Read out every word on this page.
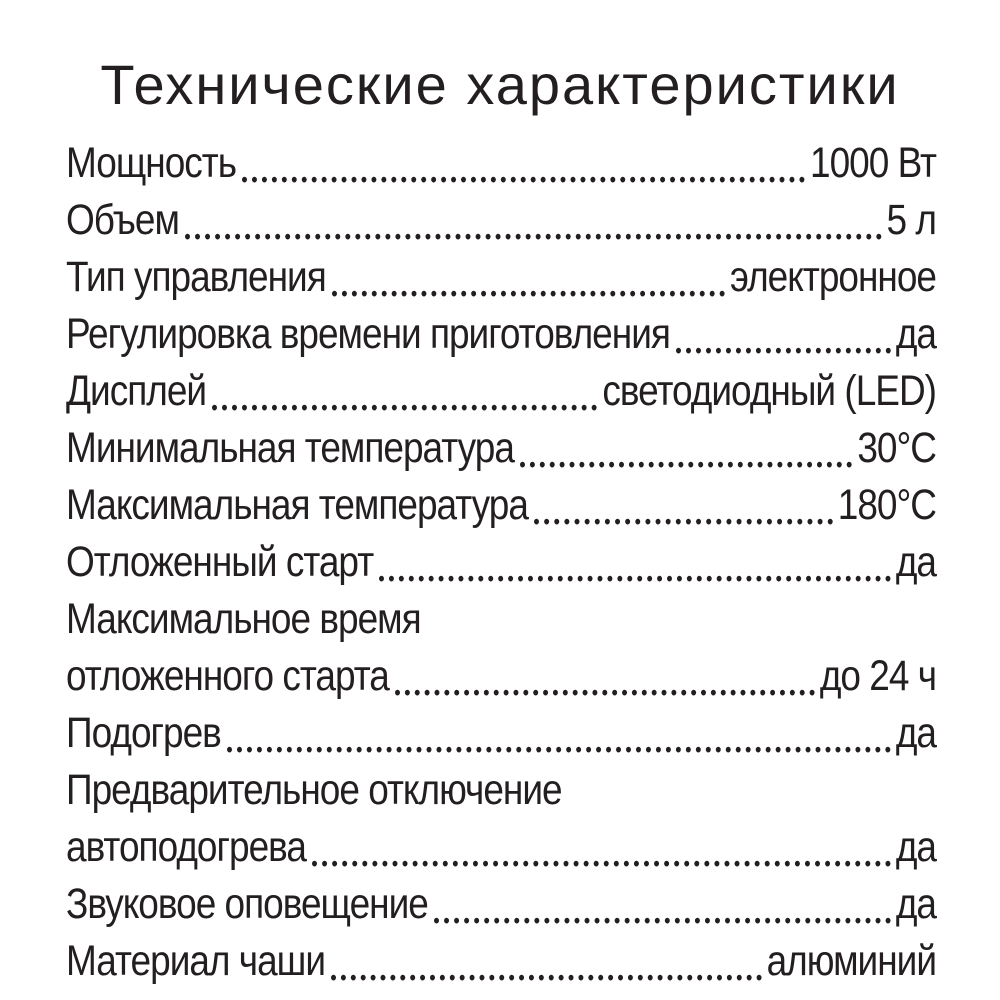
Технические характеристики
Мощность	1000 Вт
Объем	5 л
Тип управления	электронное
Регулировка времени приготовления	да
Дисплей	светодиодный (LED)
Минимальная температура	30°С
Максимальная температура	180°С
Отложенный старт	да
Максимальное время
отложенного старта	до 24 ч
Подогрев	да
Предварительное отключение
автоподогрева	да
Звуковое оповещение	да
Материал чаши	алюминий
